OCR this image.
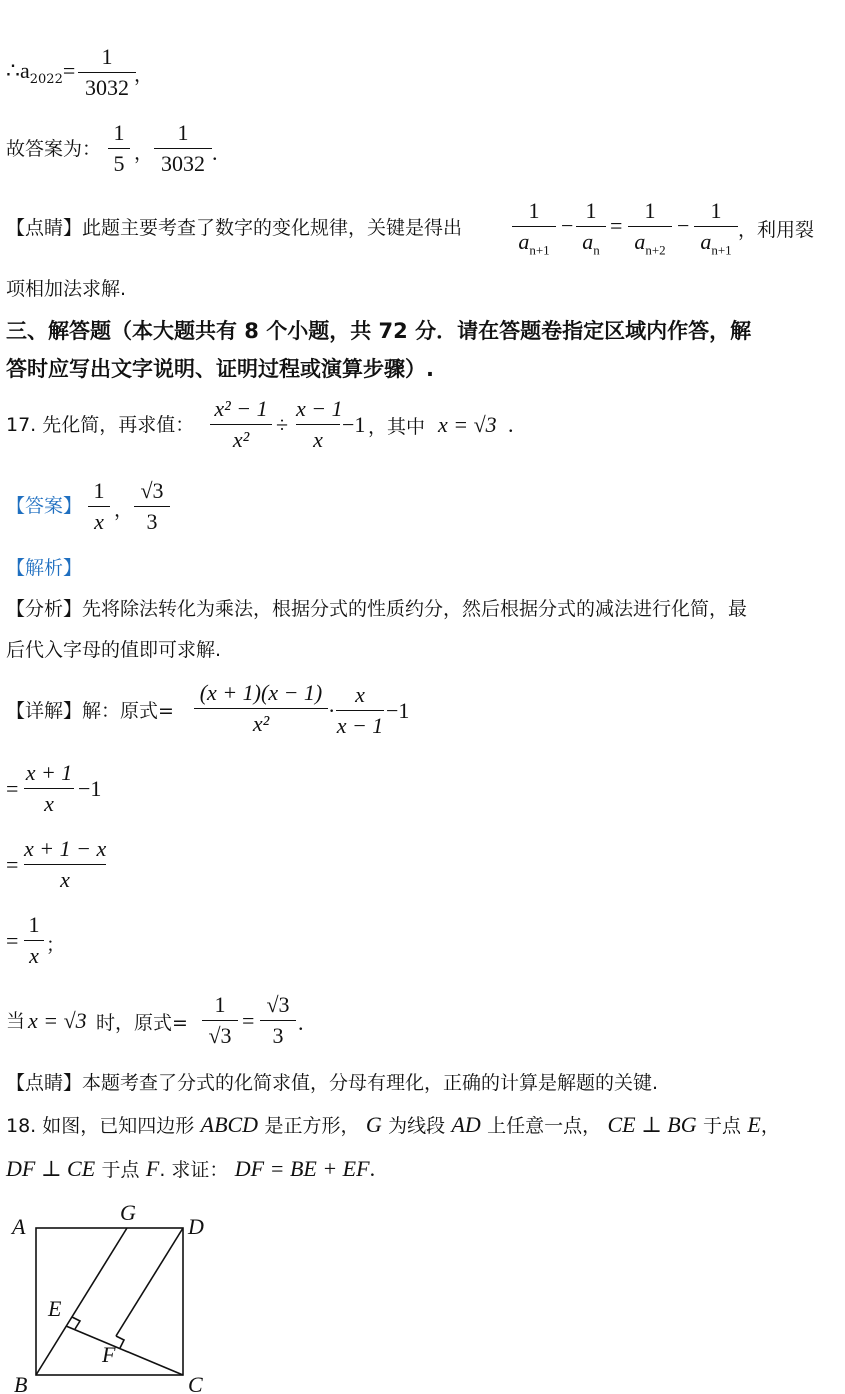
$\therefore a_{2022}=$
1
3032 ，
故答案为：
1
5 ，
1
3032 .
【点睛】此题主要考查了数字的变化规律，关键是得出
1
$a_{n+1}$
−
1
$a_n$
=
1
$a_{n+2}$
−
1
$a_{n+1}$
，利用裂
项相加法求解.
三、解答题（本大题共有 8 个小题，共 72 分．请在答题卷指定区域内作答，解
答时应写出文字说明、证明过程或演算步骤）.
17. 先化简，再求值：
x² − 1
x²
÷
x − 1
x
−1 ，其中 x = √3 .
【答案】
1
x ，
√3
3
【解析】
【分析】先将除法转化为乘法，根据分式的性质约分，然后根据分式的减法进行化简，最
后代入字母的值即可求解.
【详解】解：原式=
(x + 1)(x − 1)
x²
·
x
x − 1
−1
=
x + 1
x
−1
=
x + 1 − x
x
=
1
x ；
当 x = √3 时，原式=
1
√3
=
√3
3
.
【点睛】本题考查了分式的化简求值，分母有理化，正确的计算是解题的关键.
18. 如图，已知四边形 ABCD 是正方形， G 为线段 AD 上任意一点， CE ⊥ BG 于点 E，
DF ⊥ CE 于点 F. 求证： DF = BE + EF.
A
G
D
E
F
B	C
